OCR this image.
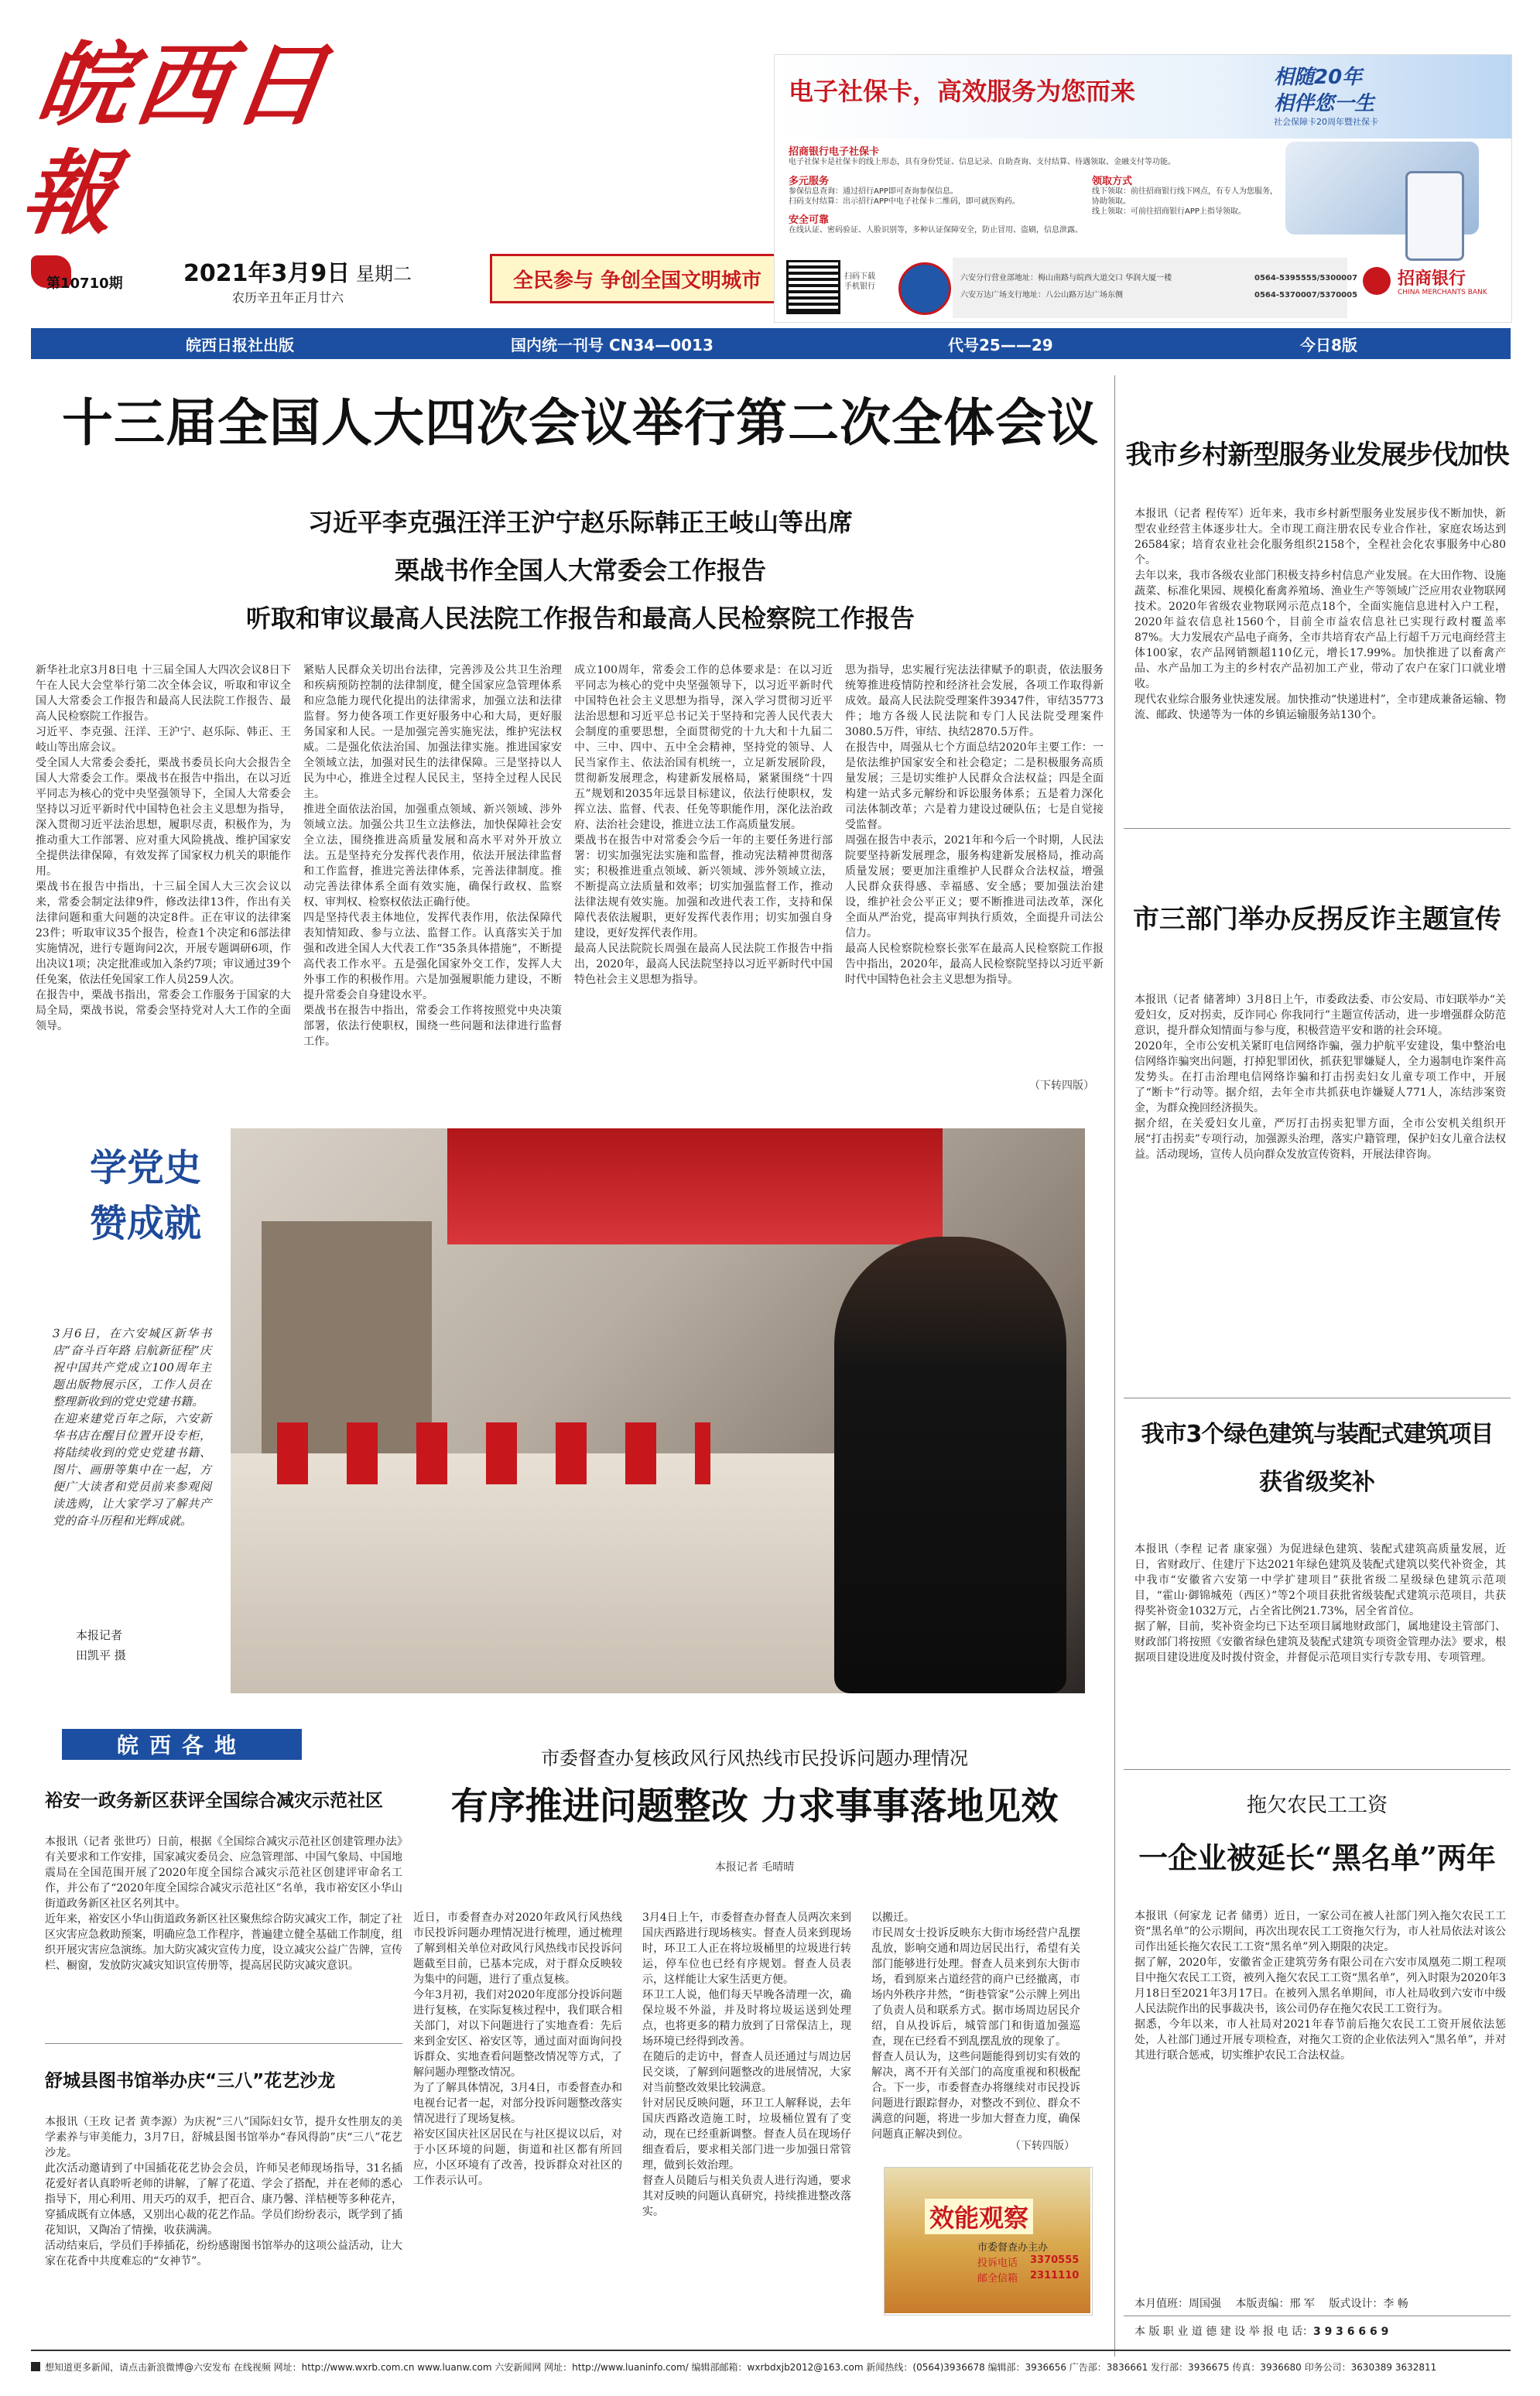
皖西日報
第10710期	2021年3月9日 星期二
农历辛丑年正月廿六
全民参与 争创全国文明城市
电子社保卡，高效服务为您而来	相随20年
相伴您一生
社会保障卡20周年暨社保卡
招商银行电子社保卡
电子社保卡是社保卡的线上形态，具有身份凭证、信息记录、自助查询、支付结算、待遇领取、金融支付等功能。
多元服务
参保信息查询：通过招行APP即可查询参保信息。
扫码支付结算：出示招行APP中电子社保卡二维码，即可就医购药。
安全可靠
在线认证、密码验证、人脸识别等，多种认证保障安全，防止冒用、盗刷，信息泄露。
领取方式
线下领取：前往招商银行线下网点，有专人为您服务，协助领取。
线上领取：可前往招商银行APP上指导领取。
扫码下载
手机银行
六安分行营业部地址：梅山南路与皖西大道交口 华润大厦一楼
六安万达广场支行地址：八公山路万达广场东侧
0564-5395555/5300007
0564-5370007/5370005
招商银行
CHINA MERCHANTS BANK
皖西日报社出版	国内统一刊号 CN34—0013	代号25——29	今日8版
十三届全国人大四次会议举行第二次全体会议
习近平李克强汪洋王沪宁赵乐际韩正王岐山等出席
栗战书作全国人大常委会工作报告
听取和审议最高人民法院工作报告和最高人民检察院工作报告

新华社北京3月8日电 十三届全国人大四次会议8日下午在人民大会堂举行第二次全体会议，听取和审议全国人大常委会工作报告和最高人民法院工作报告、最高人民检察院工作报告。
习近平、李克强、汪洋、王沪宁、赵乐际、韩正、王岐山等出席会议。
受全国人大常委会委托，栗战书委员长向大会报告全国人大常委会工作。栗战书在报告中指出，在以习近平同志为核心的党中央坚强领导下，全国人大常委会坚持以习近平新时代中国特色社会主义思想为指导，深入贯彻习近平法治思想，履职尽责，积极作为，为推动重大工作部署、应对重大风险挑战、维护国家安全提供法律保障，有效发挥了国家权力机关的职能作用。
栗战书在报告中指出，十三届全国人大三次会议以来，常委会制定法律9件，修改法律13件，作出有关法律问题和重大问题的决定8件。正在审议的法律案23件；听取审议35个报告，检查1个决定和6部法律实施情况，进行专题询问2次，开展专题调研6项，作出决议1项；决定批准或加入条约7项；审议通过39个任免案，依法任免国家工作人员259人次。
在报告中，栗战书指出，常委会工作服务于国家的大局全局，栗战书说，常委会坚持党对人大工作的全面领导。

紧贴人民群众关切出台法律，完善涉及公共卫生治理和疾病预防控制的法律制度，健全国家应急管理体系和应急能力现代化提出的法律需求，加强立法和法律监督。努力使各项工作更好服务中心和大局，更好服务国家和人民。一是加强完善实施宪法，维护宪法权威。二是强化依法治国、加强法律实施。推进国家安全领域立法，加强对民生的法律保障。三是坚持以人民为中心，推进全过程人民民主，坚持全过程人民民主。
推进全面依法治国，加强重点领域、新兴领域、涉外领域立法。加强公共卫生立法修法，加快保障社会安全立法，围绕推进高质量发展和高水平对外开放立法。五是坚持充分发挥代表作用，依法开展法律监督和工作监督，推进完善法律体系，完善法律制度。推动完善法律体系全面有效实施，确保行政权、监察权、审判权、检察权依法正确行使。
四是坚持代表主体地位，发挥代表作用，依法保障代表知情知政、参与立法、监督工作。认真落实关于加强和改进全国人大代表工作“35条具体措施”，不断提高代表工作水平。五是强化国家外交工作，发挥人大外事工作的积极作用。六是加强履职能力建设，不断提升常委会自身建设水平。
栗战书在报告中指出，常委会工作将按照党中央决策部署，依法行使职权，围绕一些问题和法律进行监督工作。

成立100周年，常委会工作的总体要求是：在以习近平同志为核心的党中央坚强领导下，以习近平新时代中国特色社会主义思想为指导，深入学习贯彻习近平法治思想和习近平总书记关于坚持和完善人民代表大会制度的重要思想，全面贯彻党的十九大和十九届二中、三中、四中、五中全会精神，坚持党的领导、人民当家作主、依法治国有机统一，立足新发展阶段，贯彻新发展理念，构建新发展格局，紧紧围绕“十四五”规划和2035年远景目标建议，依法行使职权，发挥立法、监督、代表、任免等职能作用，深化法治政府、法治社会建设，推进立法工作高质量发展。
栗战书在报告中对常委会今后一年的主要任务进行部署：切实加强宪法实施和监督，推动宪法精神贯彻落实；积极推进重点领域、新兴领域、涉外领域立法，不断提高立法质量和效率；切实加强监督工作，推动法律法规有效实施。加强和改进代表工作，支持和保障代表依法履职，更好发挥代表作用；切实加强自身建设，更好发挥代表作用。
最高人民法院院长周强在最高人民法院工作报告中指出，2020年，最高人民法院坚持以习近平新时代中国特色社会主义思想为指导。

思为指导，忠实履行宪法法律赋予的职责，依法服务统筹推进疫情防控和经济社会发展，各项工作取得新成效。最高人民法院受理案件39347件，审结35773件；地方各级人民法院和专门人民法院受理案件3080.5万件，审结、执结2870.5万件。
在报告中，周强从七个方面总结2020年主要工作：一是依法维护国家安全和社会稳定；二是积极服务高质量发展；三是切实维护人民群众合法权益；四是全面构建一站式多元解纷和诉讼服务体系；五是着力深化司法体制改革；六是着力建设过硬队伍；七是自觉接受监督。
周强在报告中表示，2021年和今后一个时期，人民法院要坚持新发展理念，服务构建新发展格局，推动高质量发展；要更加注重维护人民群众合法权益，增强人民群众获得感、幸福感、安全感；要加强法治建设，维护社会公平正义；要不断推进司法改革，深化全面从严治党，提高审判执行质效，全面提升司法公信力。
最高人民检察院检察长张军在最高人民检察院工作报告中指出，2020年，最高人民检察院坚持以习近平新时代中国特色社会主义思想为指导。

（下转四版）
学党史
赞成就

3月6日，在六安城区新华书店“奋斗百年路 启航新征程”庆祝中国共产党成立100周年主题出版物展示区，工作人员在整理新收到的党史党建书籍。
在迎来建党百年之际，六安新华书店在醒目位置开设专柜，将陆续收到的党史党建书籍、图片、画册等集中在一起，方便广大读者和党员前来参观阅读选购，让大家学习了解共产党的奋斗历程和光辉成就。

本报记者
田凯平 摄
皖西各地
裕安一政务新区获评全国综合减灾示范社区

本报讯（记者 张世巧）日前，根据《全国综合减灾示范社区创建管理办法》有关要求和工作安排，国家减灾委员会、应急管理部、中国气象局、中国地震局在全国范围开展了2020年度全国综合减灾示范社区创建评审命名工作，并公布了“2020年度全国综合减灾示范社区”名单，我市裕安区小华山街道政务新区社区名列其中。
近年来，裕安区小华山街道政务新区社区聚焦综合防灾减灾工作，制定了社区灾害应急救助预案，明确应急工作程序，普遍建立健全基础工作制度，组织开展灾害应急演练。加大防灾减灾宣传力度，设立减灾公益广告牌，宣传栏、橱窗，发放防灾减灾知识宣传册等，提高居民防灾减灾意识。

舒城县图书馆举办庆“三八”花艺沙龙

本报讯（王玫 记者 黄李源）为庆祝“三八”国际妇女节，提升女性朋友的美学素养与审美能力，3月7日，舒城县图书馆举办“春风得韵”庆“三八”花艺沙龙。
此次活动邀请到了中国插花花艺协会会员，许师吴老师现场指导，31名插花爱好者认真聆听老师的讲解，了解了花道、学会了搭配，并在老师的悉心指导下，用心利用、用天巧的双手，把百合、康乃馨、洋桔梗等多种花卉，穿插成既有立体感，又别出心裁的花艺作品。学员们纷纷表示，既学到了插花知识，又陶冶了情操，收获满满。
活动结束后，学员们手捧插花，纷纷感谢图书馆举办的这项公益活动，让大家在花香中共度难忘的“女神节”。

市委督查办复核政风行风热线市民投诉问题办理情况
有序推进问题整改 力求事事落地见效
本报记者 毛晴晴

近日，市委督查办对2020年政风行风热线市民投诉问题办理情况进行梳理，通过梳理了解到相关单位对政风行风热线市民投诉问题截至目前，已基本完成，对于群众反映较为集中的问题，进行了重点复核。
今年3月初，我们对2020年度部分投诉问题进行复核，在实际复核过程中，我们联合相关部门，对以下问题进行了实地查看：先后来到金安区、裕安区等，通过面对面询问投诉群众、实地查看问题整改情况等方式，了解问题办理整改情况。
为了了解具体情况，3月4日，市委督查办和电视台记者一起，对部分投诉问题整改落实情况进行了现场复核。
裕安区国庆社区居民在与社区提议以后，对于小区环境的问题，街道和社区都有所回应，小区环境有了改善，投诉群众对社区的工作表示认可。

3月4日上午，市委督查办督查人员两次来到国庆西路进行现场核实。督查人员来到现场时，环卫工人正在将垃圾桶里的垃圾进行转运，停车位也已经有序规划。督查人员表示，这样能让大家生活更方便。
环卫工人说，他们每天早晚各清理一次，确保垃圾不外溢，并及时将垃圾运送到处理点，也将更多的精力放到了日常保洁上，现场环境已经得到改善。
在随后的走访中，督查人员还通过与周边居民交谈，了解到问题整改的进展情况，大家对当前整改效果比较满意。
针对居民反映问题，环卫工人解释说，去年国庆西路改造施工时，垃圾桶位置有了变动，现在已经重新调整。督查人员在现场仔细查看后，要求相关部门进一步加强日常管理，做到长效治理。
督查人员随后与相关负责人进行沟通，要求其对反映的问题认真研究，持续推进整改落实。

以搬迁。
市民周女士投诉反映东大街市场经营户乱摆乱放，影响交通和周边居民出行，希望有关部门能够进行处理。督查人员来到东大街市场，看到原来占道经营的商户已经撤离，市场内外秩序井然，“街巷管家”公示牌上列出了负责人员和联系方式。据市场周边居民介绍，自从投诉后，城管部门和街道加强巡查，现在已经看不到乱摆乱放的现象了。
督查人员认为，这些问题能得到切实有效的解决，离不开有关部门的高度重视和积极配合。下一步，市委督查办将继续对市民投诉问题进行跟踪督办，对整改不到位、群众不满意的问题，将进一步加大督查力度，确保问题真正解决到位。

（下转四版）
效能观察
市委督查办主办
投诉电话 3370555
邮全信箱 2311110
我市乡村新型服务业发展步伐加快

本报讯（记者 程传军）近年来，我市乡村新型服务业发展步伐不断加快，新型农业经营主体逐步壮大。全市现工商注册农民专业合作社，家庭农场达到26584家；培育农业社会化服务组织2158个，全程社会化农事服务中心80个。
去年以来，我市各级农业部门积极支持乡村信息产业发展。在大田作物、设施蔬菜、标准化果园、规模化畜禽养殖场、渔业生产等领域广泛应用农业物联网技术。2020年省级农业物联网示范点18个，全面实施信息进村入户工程，2020年益农信息社1560个，目前全市益农信息社已实现行政村覆盖率87%。大力发展农产品电子商务，全市共培育农产品上行超千万元电商经营主体100家，农产品网销额超110亿元，增长17.99%。加快推进了以畜禽产品、水产品加工为主的乡村农产品初加工产业，带动了农户在家门口就业增收。
现代农业综合服务业快速发展。加快推动“快递进村”，全市建成兼备运输、物流、邮政、快递等为一体的乡镇运输服务站130个。

市三部门举办反拐反诈主题宣传

本报讯（记者 储著坤）3月8日上午，市委政法委、市公安局、市妇联举办“关爱妇女，反对拐卖，反诈同心 你我同行”主题宣传活动，进一步增强群众防范意识，提升群众知情面与参与度，积极营造平安和谐的社会环境。
2020年，全市公安机关紧盯电信网络诈骗，强力护航平安建设，集中整治电信网络诈骗突出问题，打掉犯罪团伙，抓获犯罪嫌疑人，全力遏制电诈案件高发势头。在打击治理电信网络诈骗和打击拐卖妇女儿童专项工作中，开展了“断卡”行动等。据介绍，去年全市共抓获电诈嫌疑人771人，冻结涉案资金，为群众挽回经济损失。
据介绍，在关爱妇女儿童，严厉打击拐卖犯罪方面，全市公安机关组织开展“打击拐卖”专项行动，加强源头治理，落实户籍管理，保护妇女儿童合法权益。活动现场，宣传人员向群众发放宣传资料，开展法律咨询。

我市3个绿色建筑与装配式建筑项目
获省级奖补

本报讯（李程 记者 康家强）为促进绿色建筑、装配式建筑高质量发展，近日，省财政厅、住建厅下达2021年绿色建筑及装配式建筑以奖代补资金，其中我市“安徽省六安第一中学扩建项目”获批省级二星级绿色建筑示范项目，“霍山·御锦城苑（西区）”等2个项目获批省级装配式建筑示范项目，共获得奖补资金1032万元，占全省比例21.73%，居全省首位。
据了解，目前，奖补资金均已下达至项目属地财政部门，属地建设主管部门、财政部门将按照《安徽省绿色建筑及装配式建筑专项资金管理办法》要求，根据项目建设进度及时拨付资金，并督促示范项目实行专款专用、专项管理。

拖欠农民工工资
一企业被延长“黑名单”两年

本报讯（何家龙 记者 储勇）近日，一家公司在被人社部门列入拖欠农民工工资“黑名单”的公示期间，再次出现农民工工资拖欠行为，市人社局依法对该公司作出延长拖欠农民工工资“黑名单”列入期限的决定。
据了解，2020年，安徽省金正建筑劳务有限公司在六安市凤凰苑二期工程项目中拖欠农民工工资，被列入拖欠农民工工资“黑名单”，列入时限为2020年3月18日至2021年3月17日。在被列入黑名单期间，市人社局收到六安市中级人民法院作出的民事裁决书，该公司仍存在拖欠农民工工资行为。
据悉，今年以来，市人社局对2021年春节前后拖欠农民工工资开展依法惩处，人社部门通过开展专项检查，对拖欠工资的企业依法列入“黑名单”，并对其进行联合惩戒，切实维护农民工合法权益。

本月值班：周国强 本版责编：邢 军 版式设计：李 畅
本 版 职 业 道 德 建 设 举 报 电 话：3 9 3 6 6 6 9
想知道更多新闻，请点击新浪微博@六安发布 在线视频 网址：http://www.wxrb.com.cn www.luanw.com 六安新闻网 网址：http://www.luaninfo.com/ 编辑部邮箱：wxrbdxjb2012@163.com 新闻热线：(0564)3936678 编辑部：3936656 广告部：3836661 发行部：3936675 传真：3936680 印务公司：3630389 3632811
